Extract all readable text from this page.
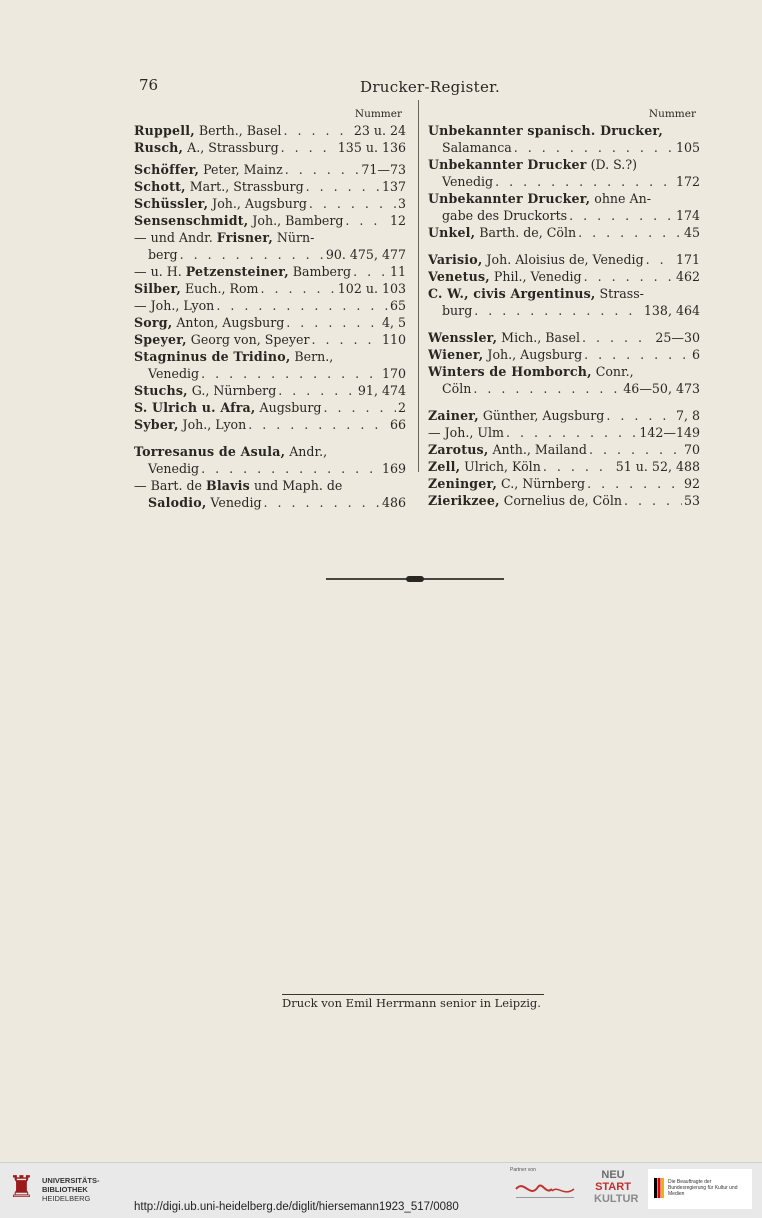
76	Drucker-Register.
Nummer
Ruppell, Berth., Basel . . .	23 u. 24
Rusch, A., Strassburg . . .	135 u. 136
Schöffer, Peter, Mainz . . .	71—73
Schott, Mart., Strassburg . . .	137
Schüssler, Joh., Augsburg . . .	3
Sensenschmidt, Joh., Bamberg . . .	12
— und Andr. Frisner, Nürn-
berg . . .	90. 475, 477
— u. H. Petzensteiner, Bamberg . . .	11
Silber, Euch., Rom . . .	102 u. 103
— Joh., Lyon . . .	65
Sorg, Anton, Augsburg . . .	4, 5
Speyer, Georg von, Speyer . . .	110
Stagninus de Tridino, Bern.,
Venedig . . .	170
Stuchs, G., Nürnberg . . .	91, 474
S. Ulrich u. Afra, Augsburg . . .	2
Syber, Joh., Lyon . . .	66
Torresanus de Asula, Andr.,
Venedig . . .	169
— Bart. de Blavis und Maph. de
Salodio, Venedig . . .	486
Nummer
Unbekannter spanisch. Drucker,
Salamanca . . .	105
Unbekannter Drucker (D. S.?)
Venedig . . .	172
Unbekannter Drucker, ohne An-
gabe des Druckorts . . .	174
Unkel, Barth. de, Cöln . . .	45
Varisio, Joh. Aloisius de, Venedig . . .	171
Venetus, Phil., Venedig . . .	462
C. W., civis Argentinus, Strass-
burg . . .	138, 464
Wenssler, Mich., Basel . . .	25—30
Wiener, Joh., Augsburg . . .	6
Winters de Homborch, Conr.,
Cöln . . .	46—50, 473
Zainer, Günther, Augsburg . . .	7, 8
— Joh., Ulm . . .	142—149
Zarotus, Anth., Mailand . . .	70
Zell, Ulrich, Köln . . .	51 u. 52, 488
Zeninger, C., Nürnberg . . .	92
Zierikzee, Cornelius de, Cöln . . .	53
Druck von Emil Herrmann senior in Leipzig.
♜ UNIVERSITÄTS-
BIBLIOTHEK
HEIDELBERG
Partner von	NEU
START
KULTUR
Die Beauftragte der Bundesregierung für Kultur und Medien
http://digi.ub.uni-heidelberg.de/diglit/hiersemann1923_517/0080
